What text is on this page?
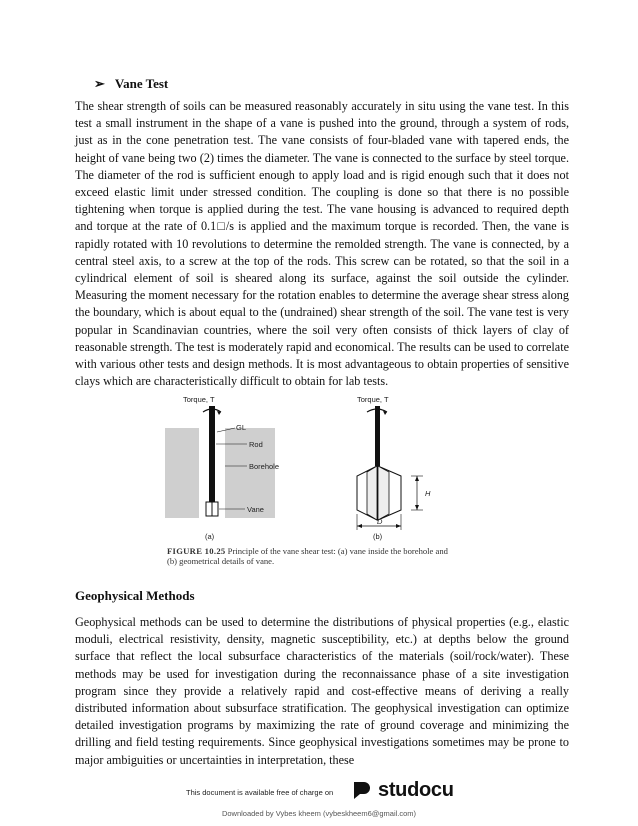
➢ Vane Test

The shear strength of soils can be measured reasonably accurately in situ using the vane test. In this test a small instrument in the shape of a vane is pushed into the ground, through a system of rods, just as in the cone penetration test. The vane consists of four-bladed vane with tapered ends, the height of vane being two (2) times the diameter. The vane is connected to the surface by steel torque. The diameter of the rod is sufficient enough to apply load and is rigid enough such that it does not exceed elastic limit under stressed condition. The coupling is done so that there is no possible tightening when torque is applied during the test. The vane housing is advanced to required depth and torque at the rate of 0.1□/s is applied and the maximum torque is recorded. Then, the vane is rapidly rotated with 10 revolutions to determine the remolded strength. The vane is connected, by a central steel axis, to a screw at the top of the rods. This screw can be rotated, so that the soil in a cylindrical element of soil is sheared along its surface, against the soil outside the cylinder. Measuring the moment necessary for the rotation enables to determine the average shear stress along the boundary, which is about equal to the (undrained) shear strength of the soil. The vane test is very popular in Scandinavian countries, where the soil very often consists of thick layers of clay of reasonable strength. The test is moderately rapid and economical. The results can be used to correlate with various other tests and design methods. It is most advantageous to obtain properties of sensitive clays which are characteristically difficult to obtain for lab tests.

Torque, T	Torque, T
GL
Rod
Borehole
Vane
H
D
(a)	(b)
FIGURE 10.25 Principle of the vane shear test: (a) vane inside the borehole and (b) geometrical details of vane.
Geophysical Methods

Geophysical methods can be used to determine the distributions of physical properties (e.g., elastic moduli, electrical resistivity, density, magnetic susceptibility, etc.) at depths below the ground surface that reflect the local subsurface characteristics of the materials (soil/rock/water). These methods may be used for investigation during the reconnaissance phase of a site investigation program since they provide a relatively rapid and cost-effective means of deriving a really distributed information about subsurface stratification. The geophysical investigation can optimize detailed investigation programs by maximizing the rate of ground coverage and minimizing the drilling and field testing requirements. Since geophysical investigations sometimes may be prone to major ambiguities or uncertainties in interpretation, these

This document is available free of charge on studocu
Downloaded by Vybes kheem (vybeskheem6@gmail.com)
